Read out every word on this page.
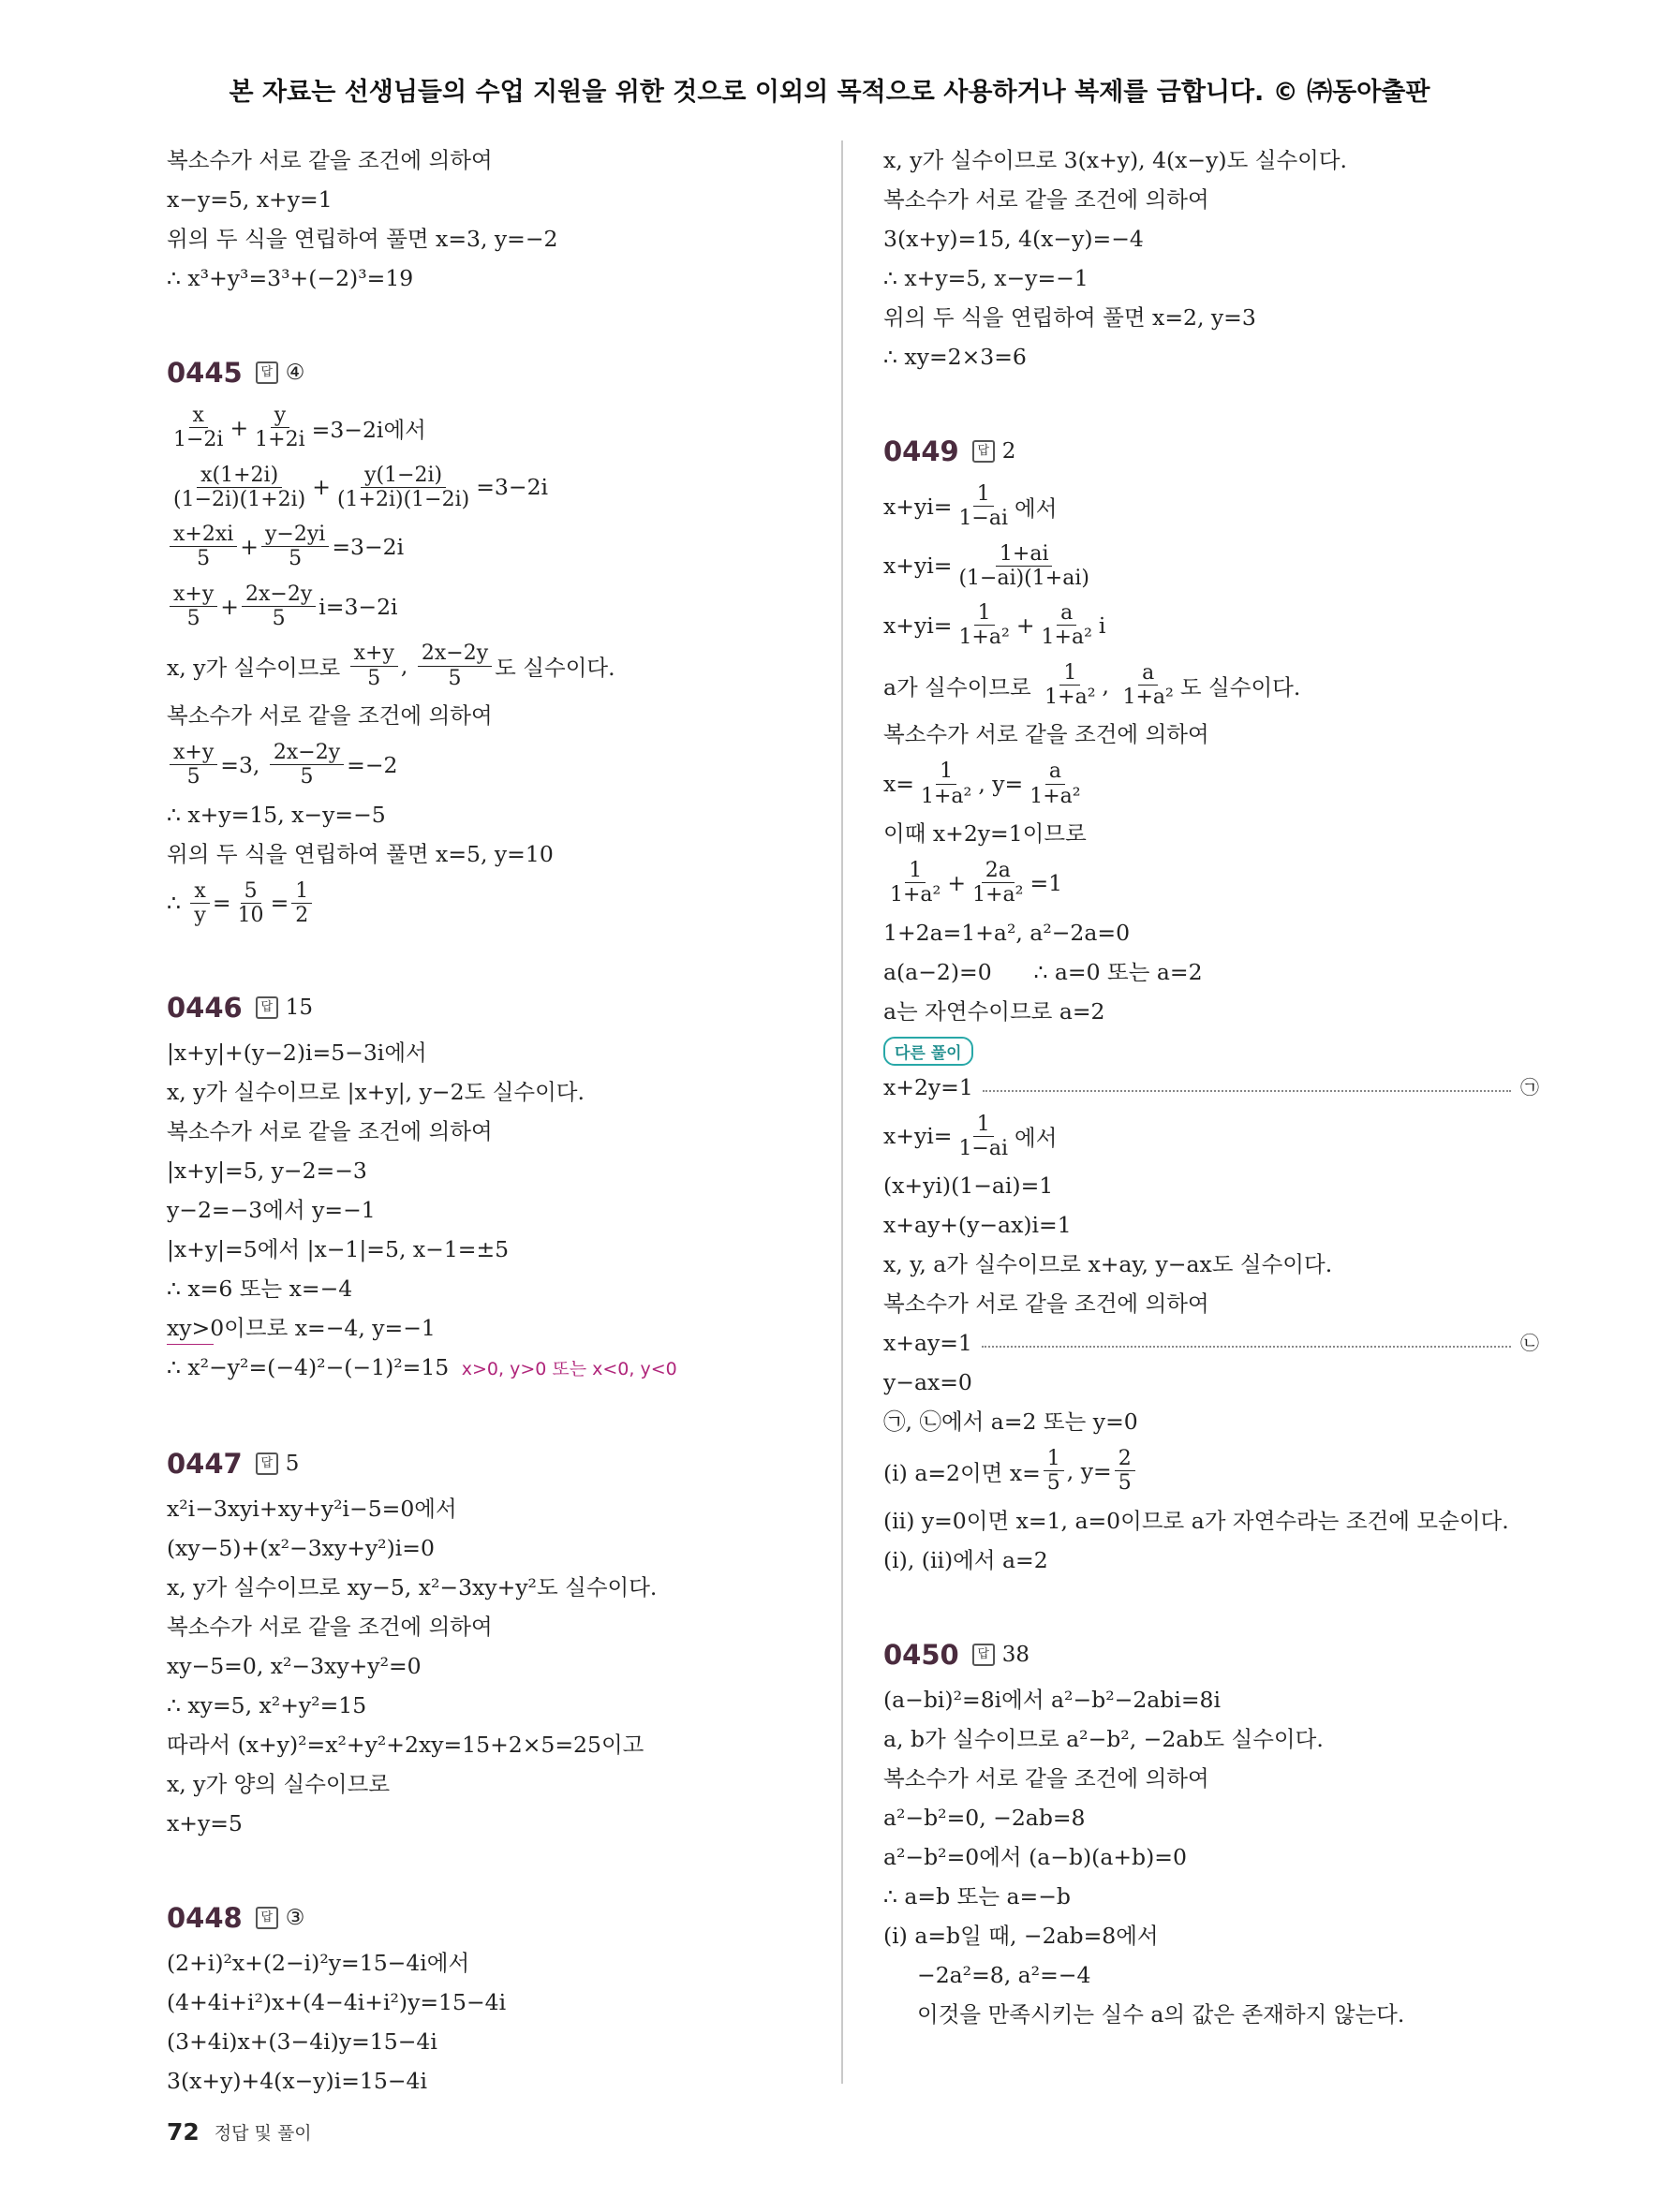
본 자료는 선생님들의 수업 지원을 위한 것으로 이외의 목적으로 사용하거나 복제를 금합니다. © ㈜동아출판
복소수가 서로 같을 조건에 의하여
x−y=5, x+y=1
위의 두 식을 연립하여 풀면 x=3, y=−2
∴ x³+y³=3³+(−2)³=19
0445	답 ④
$\frac{x}{1-2i} + \frac{y}{1+2i} =3-2i$에서
$\frac{x(1+2i)}{(1-2i)(1+2i)} + \frac{y(1-2i)}{(1+2i)(1-2i)} =3-2i$
$\frac{x+2xi}{5} + \frac{y-2yi}{5} =3-2i$
$\frac{x+y}{5} + \frac{2x-2y}{5} i=3-2i$
x, y가 실수이므로 $\frac{x+y}{5}$ , $\frac{2x-2y}{5}$ 도 실수이다.
복소수가 서로 같을 조건에 의하여
$\frac{x+y}{5} =3$, $\frac{2x-2y}{5} =-2$
∴ x+y=15, x−y=−5
위의 두 식을 연립하여 풀면 x=5, y=10
∴ $\frac{x}{y} = \frac{5}{10} = \frac{1}{2}$
0446	답 15
|x+y|+(y−2)i=5−3i에서
x, y가 실수이므로 |x+y|, y−2도 실수이다.
복소수가 서로 같을 조건에 의하여
|x+y|=5, y−2=−3
y−2=−3에서 y=−1
|x+y|=5에서 |x−1|=5, x−1=±5
∴ x=6 또는 x=−4
xy>0이므로 x=−4, y=−1
∴ x²−y²=(−4)²−(−1)²=15 x>0, y>0 또는 x<0, y<0
0447	답 5
x²i−3xyi+xy+y²i−5=0에서
(xy−5)+(x²−3xy+y²)i=0
x, y가 실수이므로 xy−5, x²−3xy+y²도 실수이다.
복소수가 서로 같을 조건에 의하여
xy−5=0, x²−3xy+y²=0
∴ xy=5, x²+y²=15
따라서 (x+y)²=x²+y²+2xy=15+2×5=25이고
x, y가 양의 실수이므로
x+y=5
0448	답 ③
(2+i)²x+(2−i)²y=15−4i에서
(4+4i+i²)x+(4−4i+i²)y=15−4i
(3+4i)x+(3−4i)y=15−4i
3(x+y)+4(x−y)i=15−4i
x, y가 실수이므로 3(x+y), 4(x−y)도 실수이다.
복소수가 서로 같을 조건에 의하여
3(x+y)=15, 4(x−y)=−4
∴ x+y=5, x−y=−1
위의 두 식을 연립하여 풀면 x=2, y=3
∴ xy=2×3=6
0449	답 2
$x+yi= \frac{1}{1-ai}$ 에서
$x+yi= \frac{1+ai}{(1-ai)(1+ai)}$
$x+yi= \frac{1}{\text{1+a²}} + \frac{a}{\text{1+a²}}$ i
a가 실수이므로 $\frac{1}{\text{1+a²}}$ , $\frac{a}{\text{1+a²}}$ 도 실수이다.
복소수가 서로 같을 조건에 의하여
$x= \frac{1}{\text{1+a²}}$ , $y= \frac{a}{\text{1+a²}}$
이때 x+2y=1이므로
$\frac{1}{\text{1+a²}} + \frac{2a}{\text{1+a²}} =1$
1+2a=1+a², a²−2a=0
a(a−2)=0      ∴ a=0 또는 a=2
a는 자연수이므로 a=2
다른 풀이
x+2y=1	㉠
$x+yi= \frac{1}{1-ai}$ 에서
(x+yi)(1−ai)=1
x+ay+(y−ax)i=1
x, y, a가 실수이므로 x+ay, y−ax도 실수이다.
복소수가 서로 같을 조건에 의하여
x+ay=1	㉡
y−ax=0
㉠, ㉡에서 a=2 또는 y=0
(i) a=2이면 $x= \frac{1}{5}$ , $y= \frac{2}{5}$
(ii) y=0이면 x=1, a=0이므로 a가 자연수라는 조건에 모순이다.
(i), (ii)에서 a=2
0450	답 38
(a−bi)²=8i에서 a²−b²−2abi=8i
a, b가 실수이므로 a²−b², −2ab도 실수이다.
복소수가 서로 같을 조건에 의하여
a²−b²=0, −2ab=8
a²−b²=0에서 (a−b)(a+b)=0
∴ a=b 또는 a=−b
(i) a=b일 때, −2ab=8에서
−2a²=8, a²=−4
이것을 만족시키는 실수 a의 값은 존재하지 않는다.
72 정답 및 풀이
